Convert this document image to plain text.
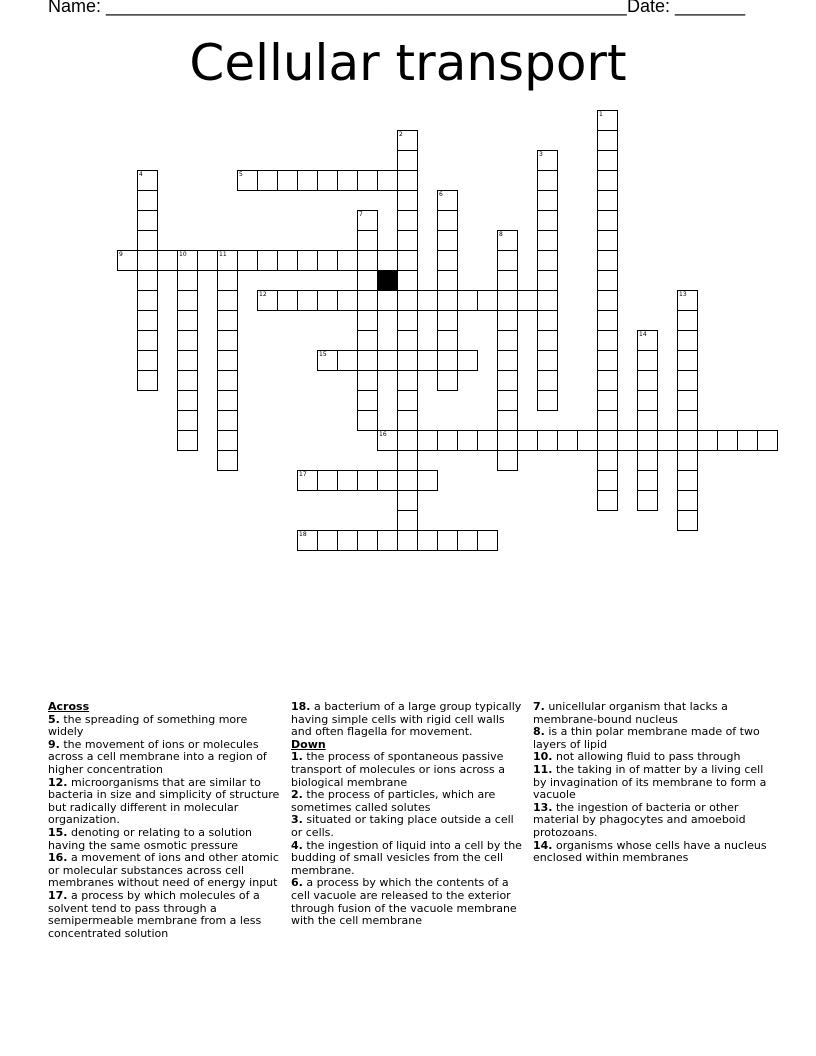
Name: ____________________________________________________ Date: _______
Cellular transport
5
9	10	11
12
15
16
17
18
1
2
3
4
6
7
8
13
14
Across
5. the spreading of something more widely
9. the movement of ions or molecules across a cell membrane into a region of higher concentration
12. microorganisms that are similar to bacteria in size and simplicity of structure but radically different in molecular organization.
15. denoting or relating to a solution having the same osmotic pressure
16. a movement of ions and other atomic or molecular substances across cell membranes without need of energy input
17. a process by which molecules of a solvent tend to pass through a semipermeable membrane from a less concentrated solution
18. a bacterium of a large group typically having simple cells with rigid cell walls and often flagella for movement.
Down
1. the process of spontaneous passive transport of molecules or ions across a biological membrane
2. the process of particles, which are sometimes called solutes
3. situated or taking place outside a cell or cells.
4. the ingestion of liquid into a cell by the budding of small vesicles from the cell membrane.
6. a process by which the contents of a cell vacuole are released to the exterior through fusion of the vacuole membrane with the cell membrane
7. unicellular organism that lacks a membrane-bound nucleus
8. is a thin polar membrane made of two layers of lipid
10. not allowing fluid to pass through
11. the taking in of matter by a living cell by invagination of its membrane to form a vacuole
13. the ingestion of bacteria or other material by phagocytes and amoeboid protozoans.
14. organisms whose cells have a nucleus enclosed within membranes
